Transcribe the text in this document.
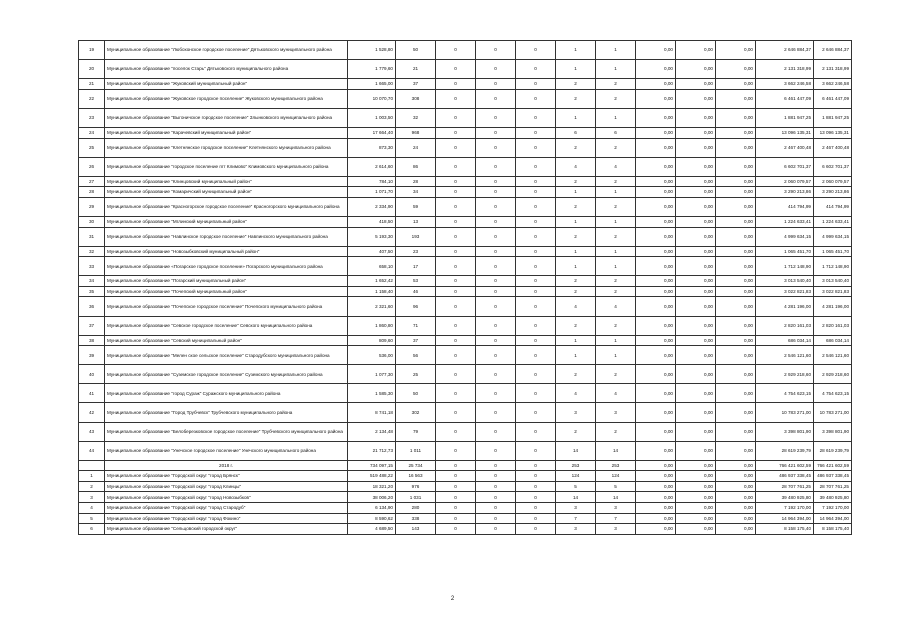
19	Муниципальное образование "Любохонское городское поселение" Дятьковского муниципального района	1 528,80	50	0	0	0	1	1	0,00	0,00	0,00	2 646 884,37	2 646 884,37
20	Муниципальное образование "поселок Старь" Дятьковского муниципального района	1 779,60	21	0	0	0	1	1	0,00	0,00	0,00	2 131 318,99	2 131 318,99
21	Муниципальное образование "Жуковский муниципальный район"	1 665,00	37	0	0	0	2	2	0,00	0,00	0,00	3 662 246,58	3 662 246,58
22	Муниципальное образование "Жуковское городское поселение" Жуковского муниципального района	10 070,70	308	0	0	0	2	2	0,00	0,00	0,00	6 461 447,09	6 461 447,09
23	Муниципальное образование "Выгоничское городское поселение" Злынковского муниципального района	1 003,50	32	0	0	0	1	1	0,00	0,00	0,00	1 881 947,25	1 881 947,25
24	Муниципальное образование "Карачевский муниципальный район"	17 664,40	968	0	0	0	6	6	0,00	0,00	0,00	13 096 135,31	13 096 135,31
25	Муниципальное образование "Клетнянское городское поселение" Клетнянского муниципального района	873,30	24	0	0	0	2	2	0,00	0,00	0,00	2 467 400,48	2 467 400,48
26	Муниципальное образование "городское поселение пгт Климово" Климовского муниципального района	2 614,60	86	0	0	0	4	4	0,00	0,00	0,00	6 602 701,37	6 602 701,37
27	Муниципальное образование "Клинцовский муниципальный район"	784,10	28	0	0	0	2	2	0,00	0,00	0,00	2 060 079,57	2 060 079,57
28	Муниципальное образование "Комаричский муниципальный район"	1 071,70	34	0	0	0	1	1	0,00	0,00	0,00	3 290 213,86	3 290 213,86
29	Муниципальное образование "Красногорское городское поселение" Красногорского муниципального района	2 334,90	59	0	0	0	2	2	0,00	0,00	0,00	414 794,99	414 794,99
30	Муниципальное образование "Мглинский муниципальный район"	418,50	13	0	0	0	1	1	0,00	0,00	0,00	1 224 633,41	1 224 633,41
31	Муниципальное образование "Навлинское городское поселение" Навлинского муниципального района	5 193,30	193	0	0	0	2	2	0,00	0,00	0,00	4 999 634,15	4 999 634,15
32	Муниципальное образование "Новозыбковский муниципальный район"	407,50	23	0	0	0	1	1	0,00	0,00	0,00	1 065 451,70	1 065 451,70
33	Муниципальное образование «Погарское городское поселение» Погарского муниципального района	658,10	17	0	0	0	1	1	0,00	0,00	0,00	1 712 148,90	1 712 148,90
34	Муниципальное образование "Погарский муниципальный район"	1 652,42	53	0	0	0	2	2	0,00	0,00	0,00	3 013 540,40	3 013 540,40
35	Муниципальное образование "Почепский муниципальный район"	1 158,40	46	0	0	0	2	2	0,00	0,00	0,00	3 022 821,83	3 022 821,83
36	Муниципальное образование "Почепское городское поселение" Почепского муниципального района	2 321,60	96	0	0	0	4	4	0,00	0,00	0,00	4 281 196,00	4 281 196,00
37	Муниципальное образование "Севское городское поселение" Севского муниципального района	1 860,80	71	0	0	0	2	2	0,00	0,00	0,00	2 820 161,03	2 820 161,03
38	Муниципальное образование "Севский муниципальный район"	809,60	37	0	0	0	1	1	0,00	0,00	0,00	686 034,14	686 034,14
39	Муниципальное образование "Мелен ское сельское поселение" Стародубского муниципального района	536,00	56	0	0	0	1	1	0,00	0,00	0,00	2 546 121,60	2 546 121,60
40	Муниципальное образование "Суземское городское поселение" Суземского муниципального района	1 077,30	25	0	0	0	2	2	0,00	0,00	0,00	2 929 218,60	2 929 218,60
41	Муниципальное образование "город Сураж" Суражского муниципального района	1 585,30	50	0	0	0	4	4	0,00	0,00	0,00	4 754 623,15	4 754 623,15
42	Муниципальное образование "Город Трубчевск" Трубчевского муниципального района	8 741,18	302	0	0	0	3	3	0,00	0,00	0,00	10 783 271,00	10 783 271,00
43	Муниципальное образование "Белоберезковское городское поселение" Трубчевского муниципального района	2 134,48	79	0	0	0	2	2	0,00	0,00	0,00	3 398 801,90	3 398 801,90
44	Муниципальное образование "Унечское городское поселение" Унечского муниципального района	21 712,73	1 011	0	0	0	14	14	0,00	0,00	0,00	28 619 239,79	28 619 239,79
	2018 г.	734 097,15	25 734	0	0	0	253	253	0,00	0,00	0,00	766 421 602,59	766 421 602,59
1	Муниципальное образование "Городской округ "город Брянск"	519 488,22	16 563	0	0	0	124	124	0,00	0,00	0,00	486 937 338,45	486 937 338,45
2	Муниципальное образование "Городской округ "город Клинцы"	18 321,20	976	0	0	0	5	5	0,00	0,00	0,00	28 707 761,25	28 707 761,25
3	Муниципальное образование "Городской округ "город Новозыбков"	38 006,20	1 031	0	0	0	14	14	0,00	0,00	0,00	39 480 925,80	39 480 925,80
4	Муниципальное образование "Городской округ "город Стародуб"	6 134,90	280	0	0	0	3	3	0,00	0,00	0,00	7 192 170,00	7 192 170,00
5	Муниципальное образование "Городской округ "город Фокино"	8 590,62	338	0	0	0	7	7	0,00	0,00	0,00	14 964 394,00	14 964 394,00
6	Муниципальное образование "Сельцовский городской округ"	4 689,50	143	0	0	0	3	3	0,00	0,00	0,00	8 158 175,40	8 158 175,40
2
